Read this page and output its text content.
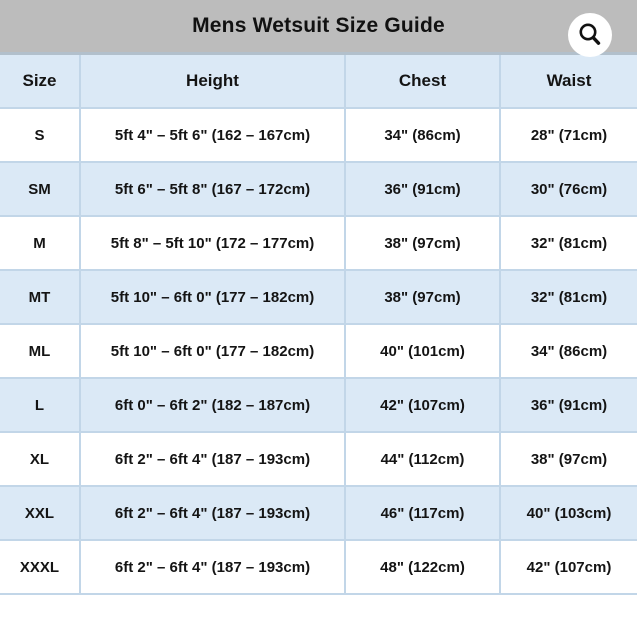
Mens Wetsuit Size Guide
Size	Height	Chest	Waist
S	5ft 4" – 5ft 6" (162 – 167cm)	34" (86cm)	28" (71cm)
SM	5ft 6" – 5ft 8" (167 – 172cm)	36" (91cm)	30" (76cm)
M	5ft 8" – 5ft 10" (172 – 177cm)	38" (97cm)	32" (81cm)
MT	5ft 10" – 6ft 0" (177 – 182cm)	38" (97cm)	32" (81cm)
ML	5ft 10" – 6ft 0" (177 – 182cm)	40" (101cm)	34" (86cm)
L	6ft 0" – 6ft 2" (182 – 187cm)	42" (107cm)	36" (91cm)
XL	6ft 2" – 6ft 4" (187 – 193cm)	44" (112cm)	38" (97cm)
XXL	6ft 2" – 6ft 4" (187 – 193cm)	46" (117cm)	40" (103cm)
XXXL	6ft 2" – 6ft 4" (187 – 193cm)	48" (122cm)	42" (107cm)
